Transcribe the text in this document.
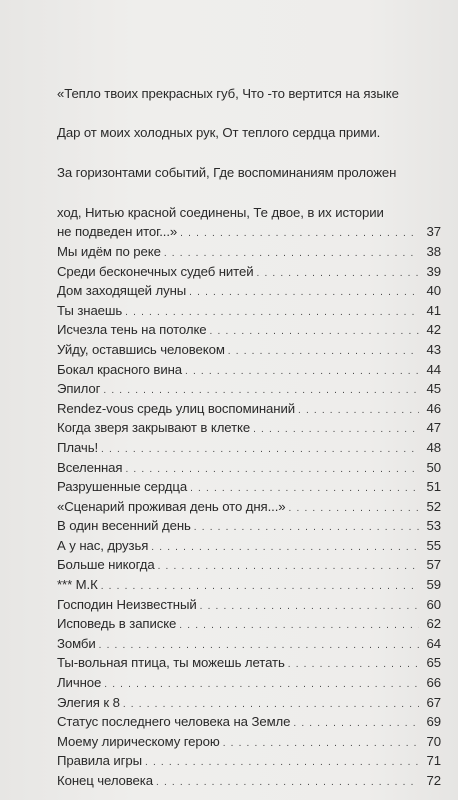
«Тепло твоих прекрасных губ, Что -то вертится на языке

Дар от моих холодных рук, От теплого сердца прими.

За горизонтами событий, Где воспоминаниям проложен

ход, Нитью красной соединены, Те двое, в их истории

не подведен итог...» . . .	37
Мы идём по реке . . .	38
Среди бесконечных судеб нитей . . .	39
Дом заходящей луны . . .	40
Ты знаешь . . .	41
Исчезла тень на потолке . . .	42
Уйду, оставшись человеком . . .	43
Бокал красного вина . . .	44
Эпилог . . .	45
Rendez-vous средь улиц воспоминаний . . .	46
Когда зверя закрывают в клетке . . .	47
Плачь! . . .	48
Вселенная . . .	50
Разрушенные сердца . . .	51
«Сценарий проживая день ото дня...» . . .	52
В один весенний день . . .	53
А у нас, друзья . . .	55
Больше никогда . . .	57
*** М.К . . .	59
Господин Неизвестный . . .	60
Исповедь в записке . . .	62
Зомби . . .	64
Ты-вольная птица, ты можешь летать . . .	65
Личное . . .	66
Элегия к 8 . . .	67
Статус последнего человека на Земле . . .	69
Моему лирическому герою . . .	70
Правила игры . . .	71
Конец человека . . .	72
